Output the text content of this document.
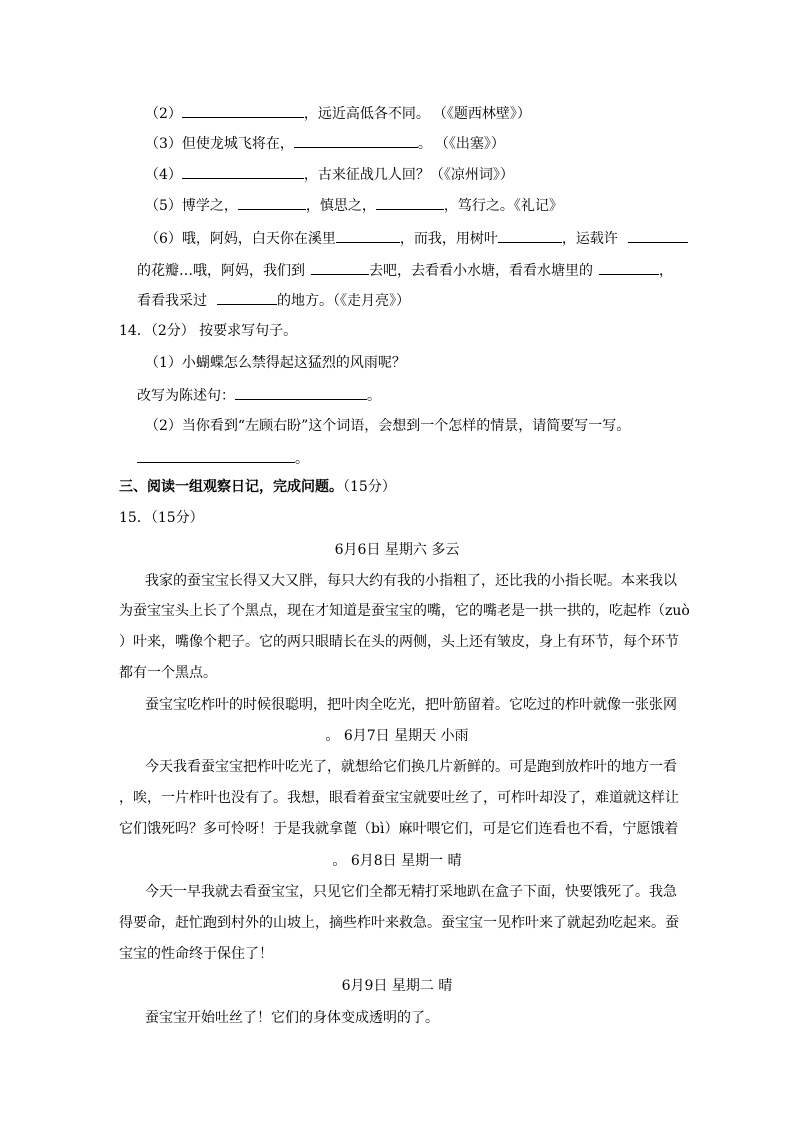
（2）	，远近高低各不同。 （《题西林壁》）
（3）但使龙城飞将在，	。 （《出塞》）
（4）	，古来征战几人回？（《凉州词》）
（5）博学之，	，慎思之，	，笃行之。《礼记》
（6）哦，阿妈，白天你在溪里	，而我，用树叶	，运载许
的花瓣…哦，阿妈，我们到	去吧，去看看小水塘，看看水塘里的	，
看看我采过	的地方。（《走月亮》）
14．（2分） 按要求写句子。
（1）小蝴蝶怎么禁得起这猛烈的风雨呢？
改写为陈述句：	。
（2）当你看到“左顾右盼”这个词语，会想到一个怎样的情景，请简要写一写。
。
三、阅读一组观察日记，完成问题。（15分）
15．（15分）
6月6日 星期六 多云
我家的蚕宝宝长得又大又胖，每只大约有我的小指粗了，还比我的小指长呢。本来我以
为蚕宝宝头上长了个黑点，现在才知道是蚕宝宝的嘴，它的嘴老是一拱一拱的，吃起柞（zuò
）叶来，嘴像个耙子。它的两只眼睛长在头的两侧，头上还有皱皮，身上有环节，每个环节
都有一个黑点。
蚕宝宝吃柞叶的时候很聪明，把叶肉全吃光，把叶筋留着。它吃过的柞叶就像一张张网
。 6月7日 星期天 小雨
今天我看蚕宝宝把柞叶吃光了，就想给它们换几片新鲜的。可是跑到放柞叶的地方一看
，唉，一片柞叶也没有了。我想，眼看着蚕宝宝就要吐丝了，可柞叶却没了，难道就这样让
它们饿死吗？多可怜呀！于是我就拿蓖（bì）麻叶喂它们，可是它们连看也不看，宁愿饿着
。 6月8日 星期一 晴
今天一早我就去看蚕宝宝，只见它们全都无精打采地趴在盒子下面，快要饿死了。我急
得要命，赶忙跑到村外的山坡上，摘些柞叶来救急。蚕宝宝一见柞叶来了就起劲吃起来。蚕
宝宝的性命终于保住了！
6月9日 星期二 晴
蚕宝宝开始吐丝了！它们的身体变成透明的了。
